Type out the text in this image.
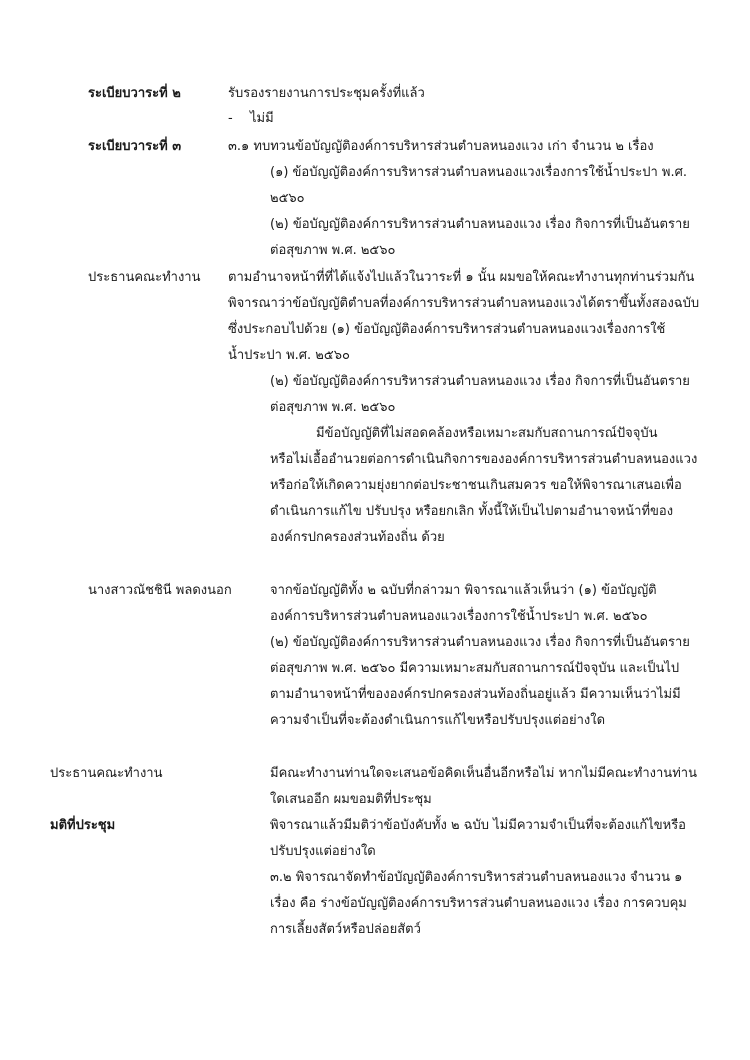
ระเบียบวาระที่ ๒	รับรองรายงานการประชุมครั้งที่แล้ว
- ไม่มี
ระเบียบวาระที่ ๓	๓.๑ ทบทวนข้อบัญญัติองค์การบริหารส่วนตำบลหนองแวง เก่า จำนวน ๒ เรื่อง
(๑) ข้อบัญญัติองค์การบริหารส่วนตำบลหนองแวงเรื่องการใช้น้ำประปา พ.ศ.
๒๕๖๐
(๒) ข้อบัญญัติองค์การบริหารส่วนตำบลหนองแวง เรื่อง กิจการที่เป็นอันตราย
ต่อสุขภาพ พ.ศ. ๒๕๖๐
ประธานคณะทำงาน ตามอำนาจหน้าที่ที่ได้แจ้งไปแล้วในวาระที่ ๑ นั้น ผมขอให้คณะทำงานทุกท่านร่วมกัน
พิจารณาว่าข้อบัญญัติตำบลที่องค์การบริหารส่วนตำบลหนองแวงได้ตราขึ้นทั้งสองฉบับ
ซึ่งประกอบไปด้วย (๑) ข้อบัญญัติองค์การบริหารส่วนตำบลหนองแวงเรื่องการใช้
น้ำประปา พ.ศ. ๒๕๖๐
(๒) ข้อบัญญัติองค์การบริหารส่วนตำบลหนองแวง เรื่อง กิจการที่เป็นอันตราย
ต่อสุขภาพ พ.ศ. ๒๕๖๐
มีข้อบัญญัติที่ไม่สอดคล้องหรือเหมาะสมกับสถานการณ์ปัจจุบัน
หรือไม่เอื้ออำนวยต่อการดำเนินกิจการขององค์การบริหารส่วนตำบลหนองแวง
หรือก่อให้เกิดความยุ่งยากต่อประชาชนเกินสมควร ขอให้พิจารณาเสนอเพื่อ
ดำเนินการแก้ไข ปรับปรุง หรือยกเลิก ทั้งนี้ให้เป็นไปตามอำนาจหน้าที่ของ
องค์กรปกครองส่วนท้องถิ่น ด้วย
นางสาวณัชชินี พลดงนอก	จากข้อบัญญัติทั้ง ๒ ฉบับที่กล่าวมา พิจารณาแล้วเห็นว่า (๑) ข้อบัญญัติ
องค์การบริหารส่วนตำบลหนองแวงเรื่องการใช้น้ำประปา พ.ศ. ๒๕๖๐
(๒) ข้อบัญญัติองค์การบริหารส่วนตำบลหนองแวง เรื่อง กิจการที่เป็นอันตราย
ต่อสุขภาพ พ.ศ. ๒๕๖๐ มีความเหมาะสมกับสถานการณ์ปัจจุบัน และเป็นไป
ตามอำนาจหน้าที่ขององค์กรปกครองส่วนท้องถิ่นอยู่แล้ว มีความเห็นว่าไม่มี
ความจำเป็นที่จะต้องดำเนินการแก้ไขหรือปรับปรุงแต่อย่างใด
ประธานคณะทำงาน	มีคณะทำงานท่านใดจะเสนอข้อคิดเห็นอื่นอีกหรือไม่ หากไม่มีคณะทำงานท่าน
ใดเสนออีก ผมขอมติที่ประชุม
มติที่ประชุม	พิจารณาแล้วมีมติว่าข้อบังคับทั้ง ๒ ฉบับ ไม่มีความจำเป็นที่จะต้องแก้ไขหรือ
ปรับปรุงแต่อย่างใด
๓.๒ พิจารณาจัดทำข้อบัญญัติองค์การบริหารส่วนตำบลหนองแวง จำนวน ๑
เรื่อง คือ ร่างข้อบัญญัติองค์การบริหารส่วนตำบลหนองแวง เรื่อง การควบคุม
การเลี้ยงสัตว์หรือปล่อยสัตว์
